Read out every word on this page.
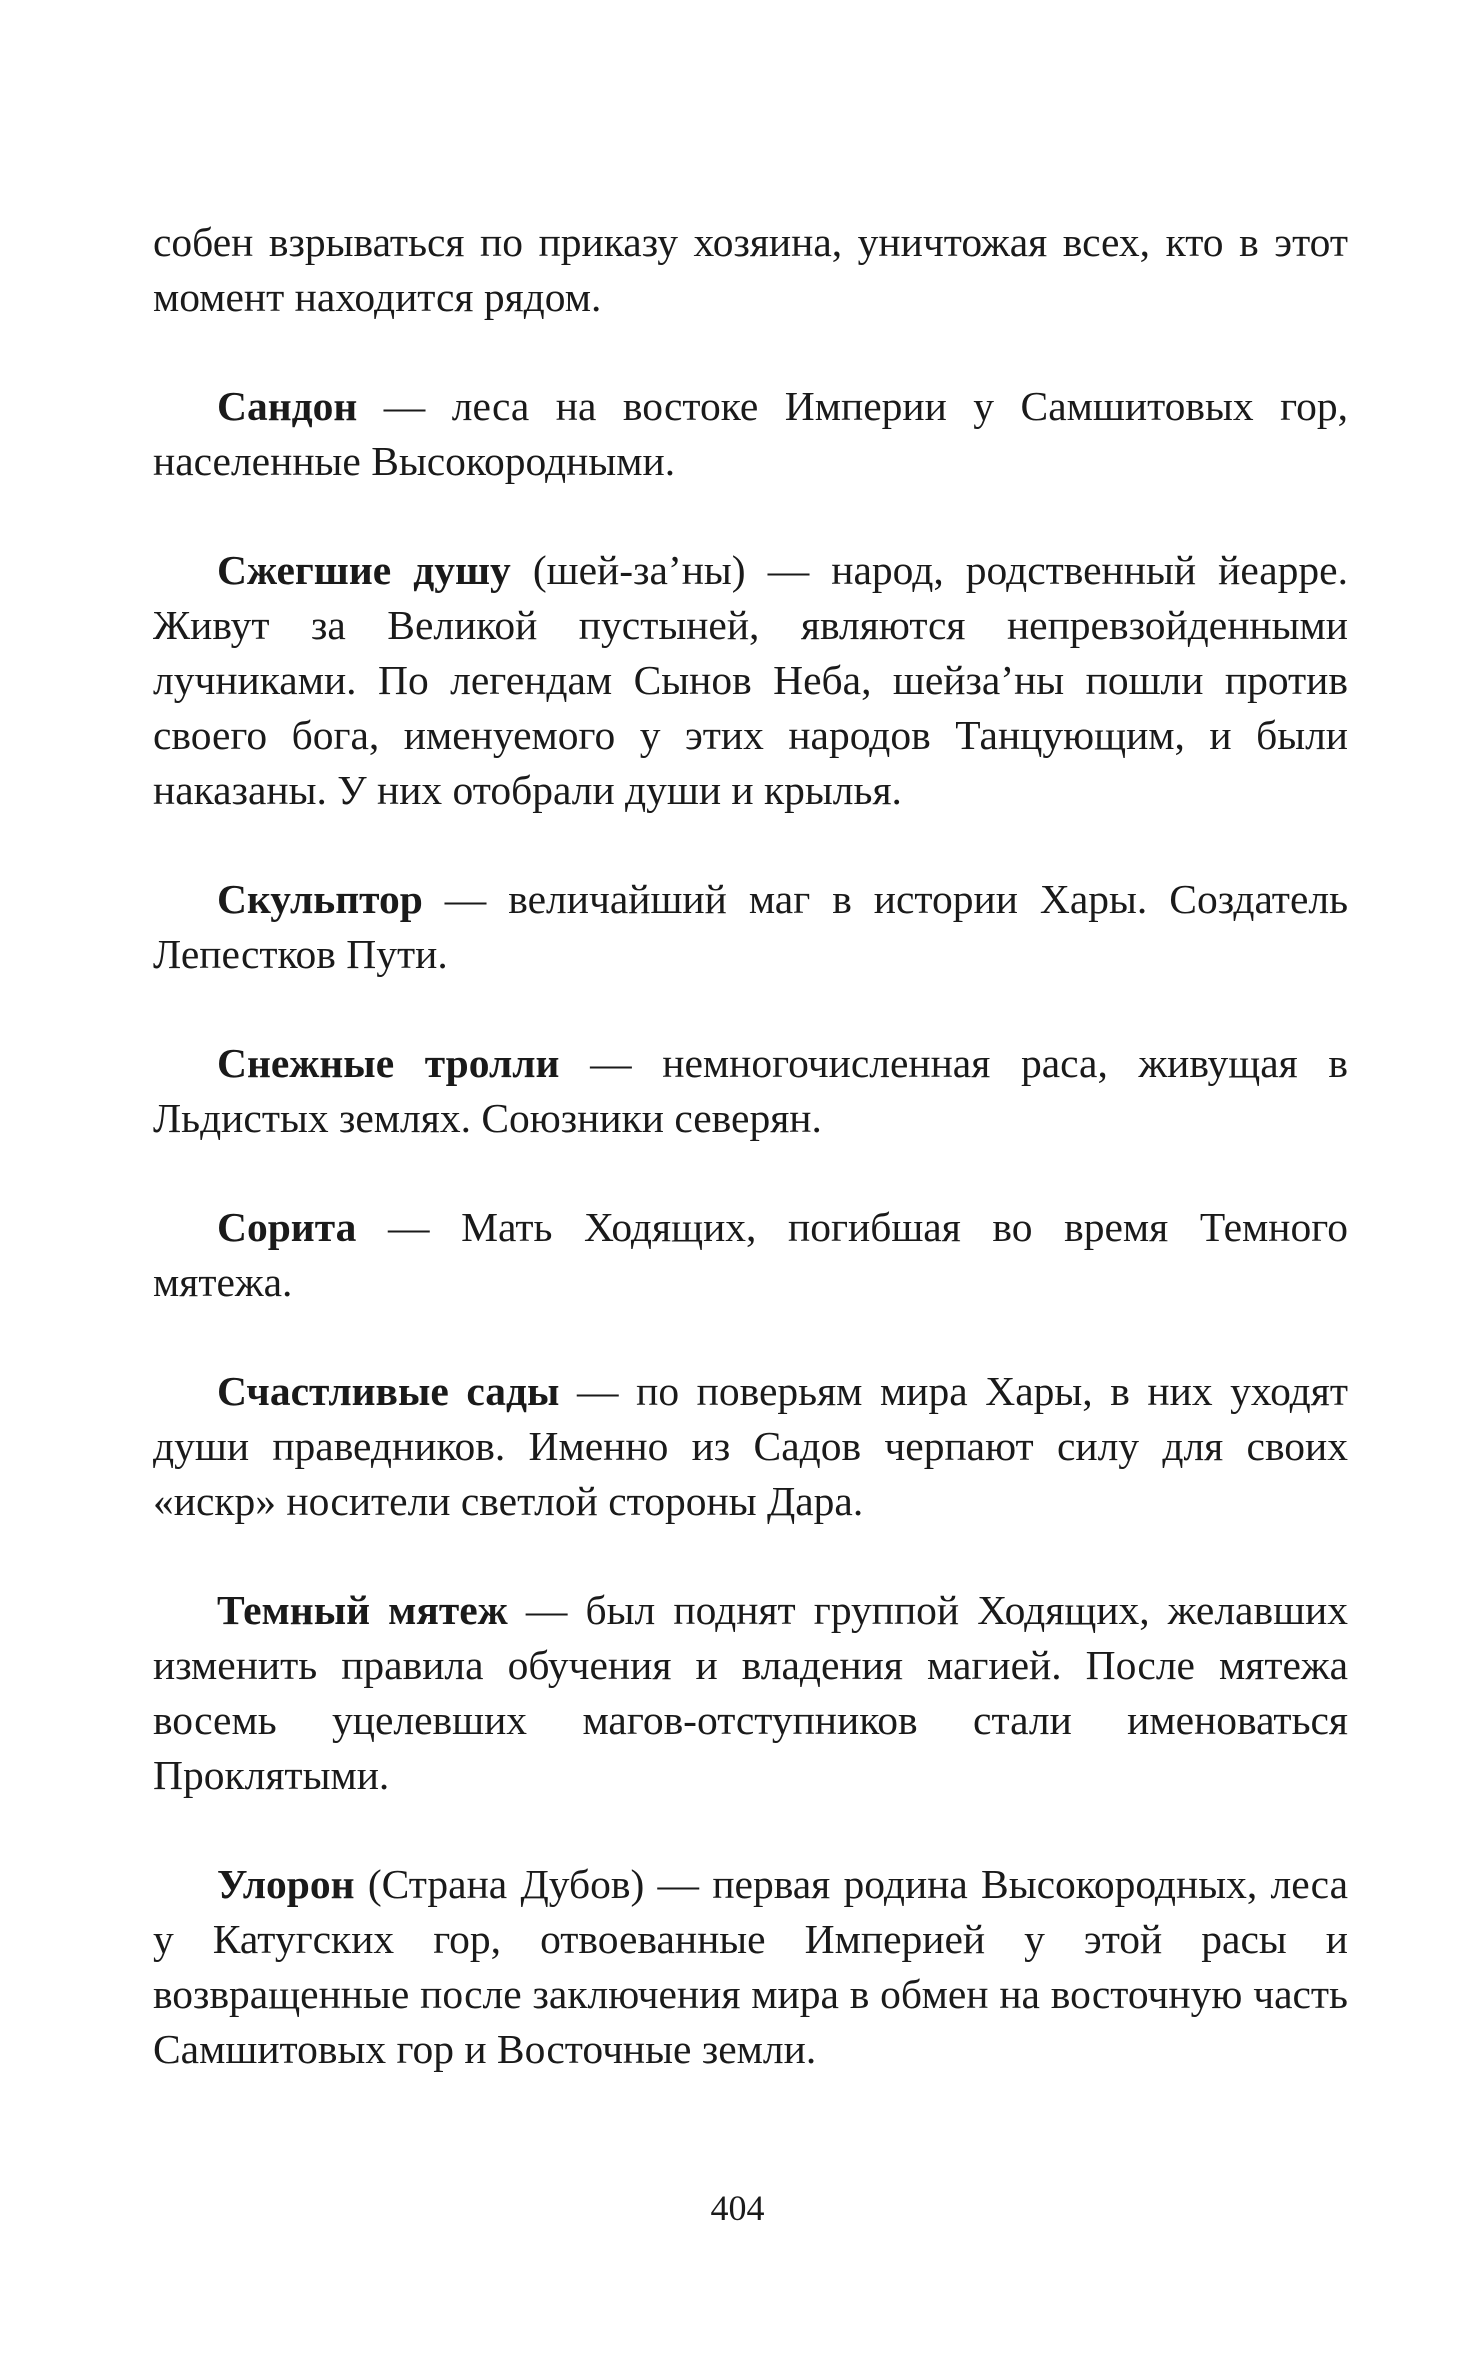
собен взрываться по приказу хозяина, уничтожая всех, кто в этот момент находится рядом.

Сандон — леса на востоке Империи у Самшитовых гор, населенные Высокородными.

Сжегшие душу (шей-за’ны) — народ, родственный йеарре. Живут за Великой пустыней, являются непревзойденными лучниками. По легендам Сынов Неба, шейза’ны пошли против своего бога, именуемого у этих народов Танцующим, и были наказаны. У них отобрали души и крылья.

Скульптор — величайший маг в истории Хары. Создатель Лепестков Пути.

Снежные тролли — немногочисленная раса, живущая в Льдистых землях. Союзники северян.

Сорита — Мать Ходящих, погибшая во время Темного мятежа.

Счастливые сады — по поверьям мира Хары, в них уходят души праведников. Именно из Садов черпают силу для своих «искр» носители светлой стороны Дара.

Темный мятеж — был поднят группой Ходящих, желавших изменить правила обучения и владения магией. После мятежа восемь уцелевших магов-отступников стали именоваться Проклятыми.

Улорон (Страна Дубов) — первая родина Высокородных, леса у Катугских гор, отвоеванные Империей у этой расы и возвращенные после заключения мира в обмен на восточную часть Самшитовых гор и Восточные земли.

404
